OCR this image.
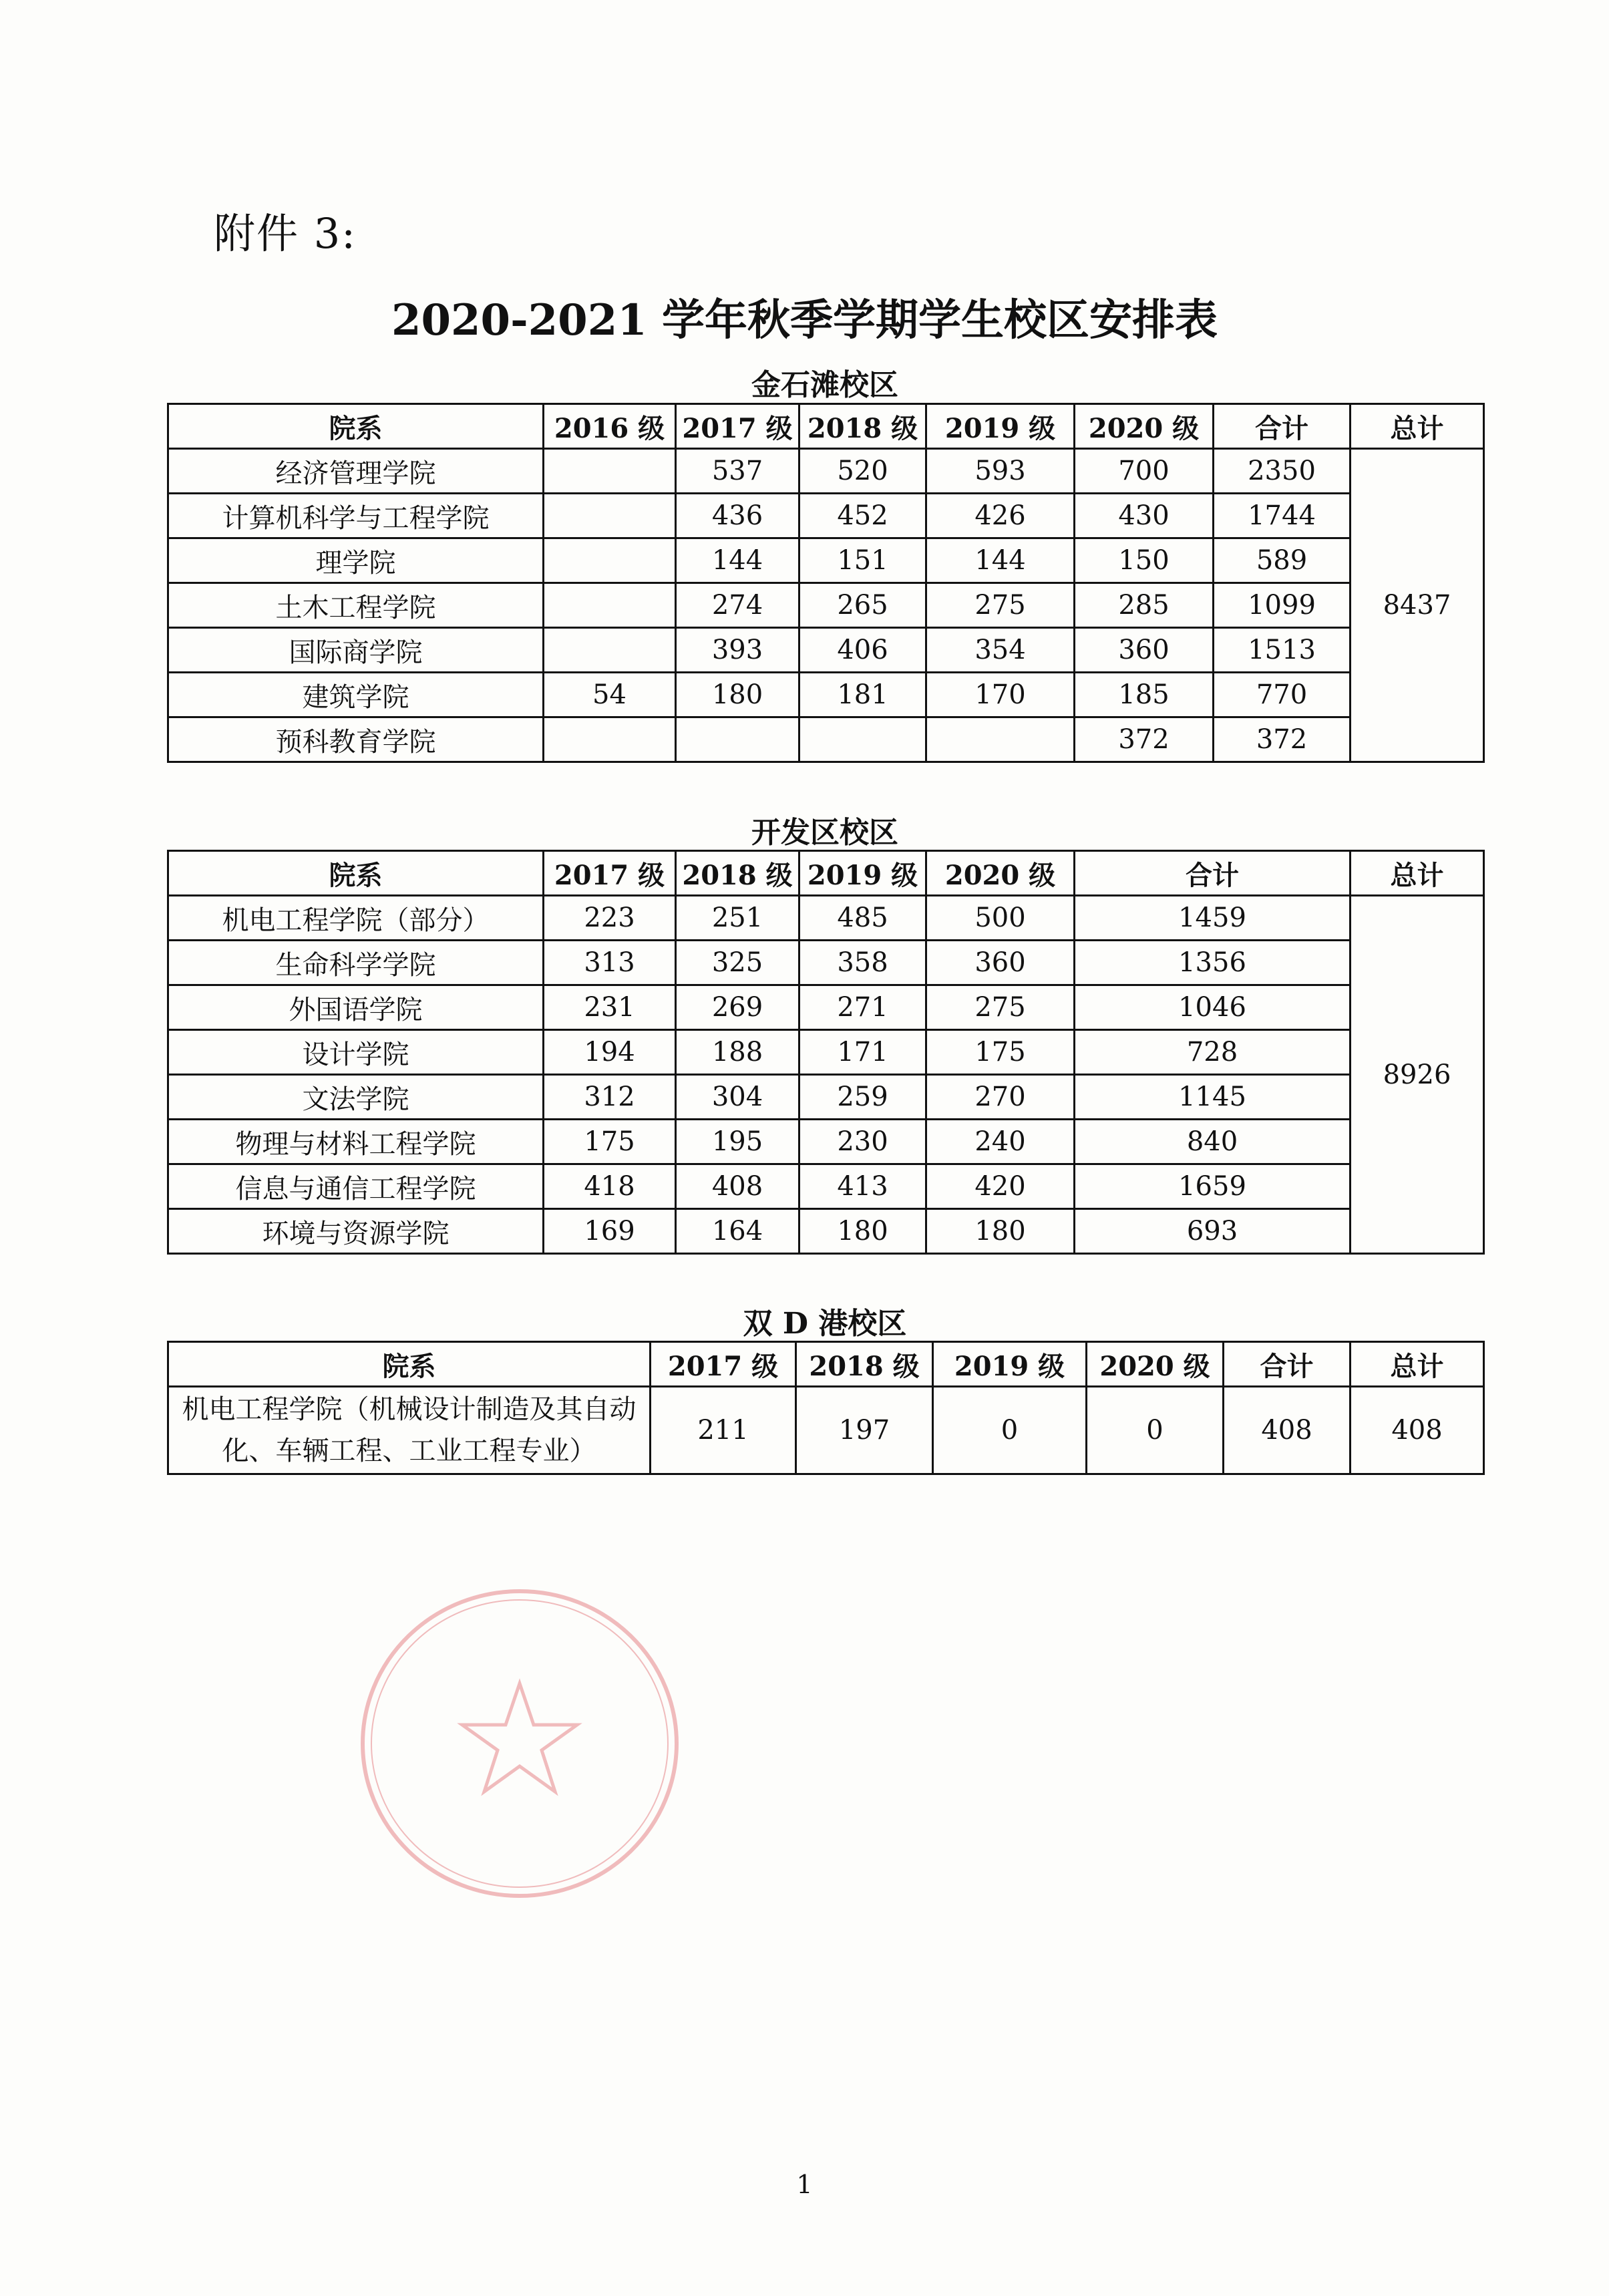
附件 3:
2020-2021 学年秋季学期学生校区安排表
金石滩校区
院系	2016 级	2017 级	2018 级	2019 级	2020 级	合计	总计
经济管理学院		537	520	593	700	2350	8437
计算机科学与工程学院		436	452	426	430	1744	
理学院		144	151	144	150	589	
土木工程学院		274	265	275	285	1099	
国际商学院		393	406	354	360	1513	
建筑学院	54	180	181	170	185	770	
预科教育学院					372	372	
开发区校区
院系	2017 级	2018 级	2019 级	2020 级	合计	总计
机电工程学院（部分）	223	251	485	500	1459	8926
生命科学学院	313	325	358	360	1356	
外国语学院	231	269	271	275	1046	
设计学院	194	188	171	175	728	
文法学院	312	304	259	270	1145	
物理与材料工程学院	175	195	230	240	840	
信息与通信工程学院	418	408	413	420	1659	
环境与资源学院	169	164	180	180	693	
双 D 港校区
院系	2017 级	2018 级	2019 级	2020 级	合计	总计
机电工程学院（机械设计制造及其自动化、车辆工程、工业工程专业）	211	197	0	0	408	408
1
